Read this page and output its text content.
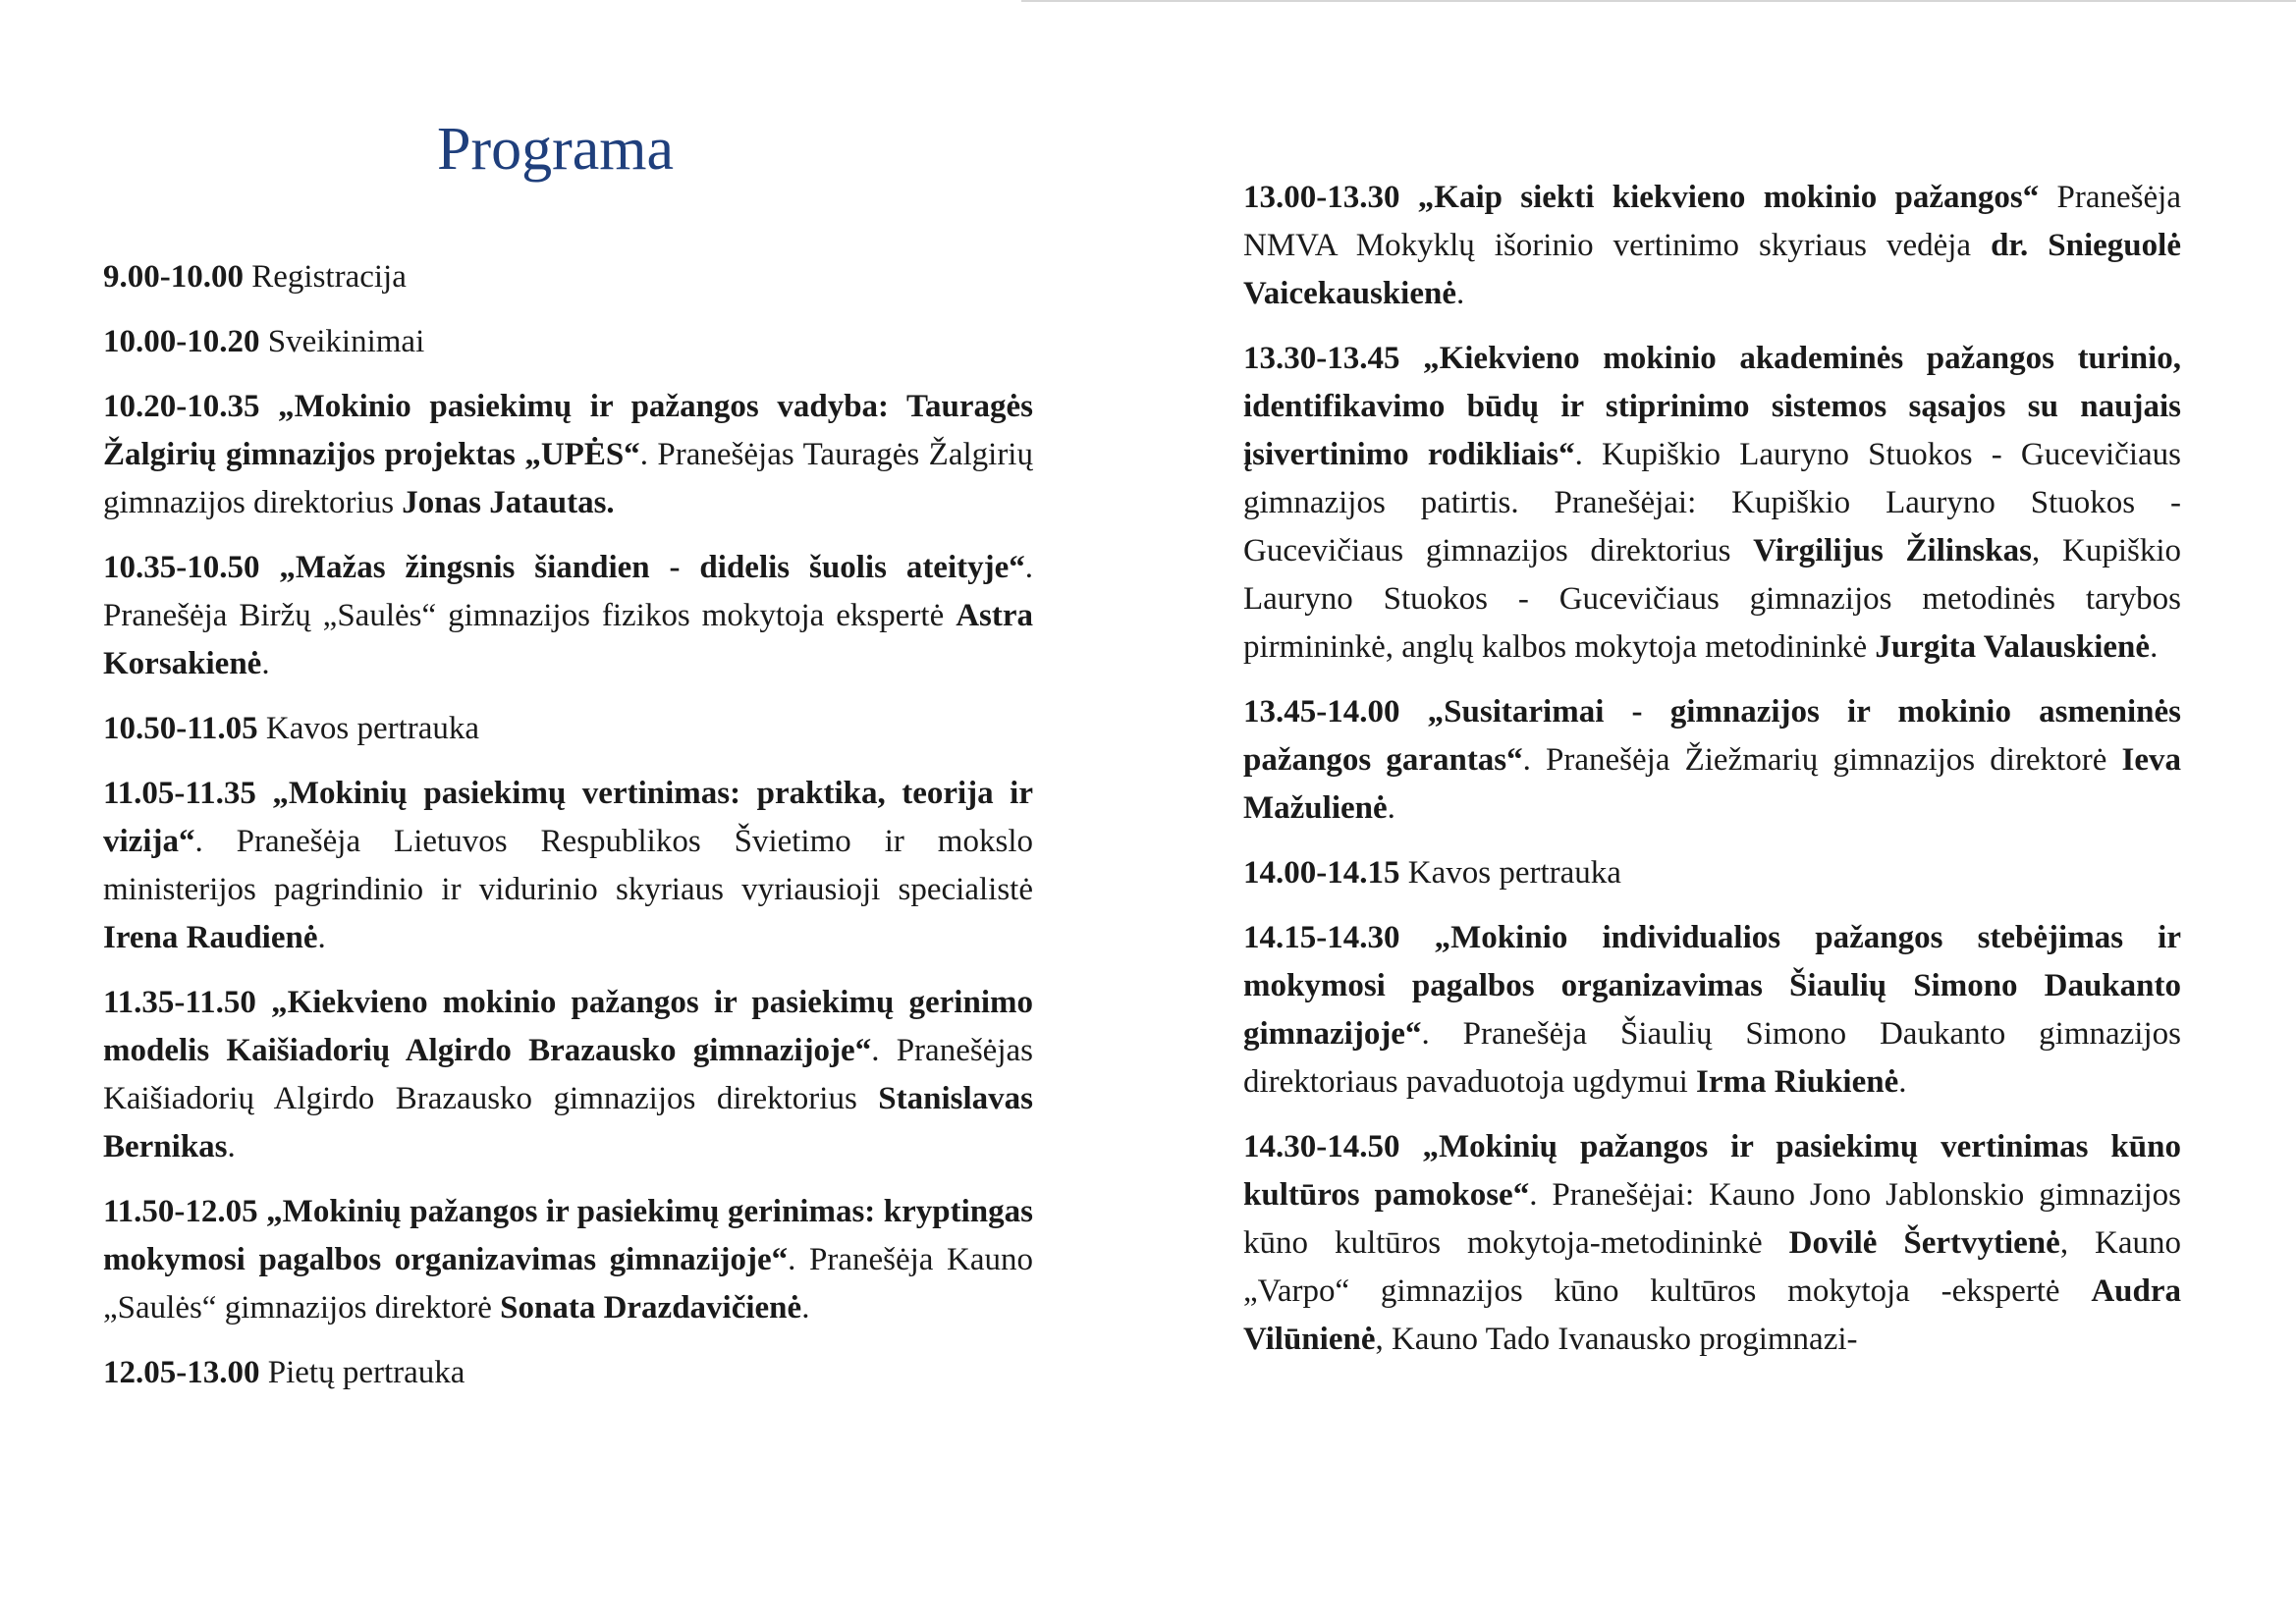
Programa

9.00-10.00 Registracija

10.00-10.20 Sveikinimai

10.20-10.35 „Mokinio pasiekimų ir pažangos vadyba: Tauragės Žalgirių gimnazijos projektas „UPĖS“. Pranešėjas Tauragės Žalgirių gimnazijos direktorius Jonas Jatautas.

10.35-10.50 „Mažas žingsnis šiandien - didelis šuolis ateityje“. Pranešėja Biržų „Saulės“ gimnazijos fizikos mokytoja ekspertė Astra Korsakienė.

10.50-11.05 Kavos pertrauka

11.05-11.35 „Mokinių pasiekimų vertinimas: praktika, teorija ir vizija“. Pranešėja Lietuvos Respublikos Švietimo ir mokslo ministerijos pagrindinio ir vidurinio skyriaus vyriausioji specialistė Irena Raudienė.

11.35-11.50 „Kiekvieno mokinio pažangos ir pasiekimų gerinimo modelis Kaišiadorių Algirdo Brazausko gimnazijoje“. Pranešėjas Kaišiadorių Algirdo Brazausko gimnazijos direktorius Stanislavas Bernikas.

11.50-12.05 „Mokinių pažangos ir pasiekimų gerinimas: kryptingas mokymosi pagalbos organizavimas gimnazijoje“. Pranešėja Kauno „Saulės“ gimnazijos direktorė Sonata Drazdavičienė.

12.05-13.00 Pietų pertrauka

13.00-13.30 „Kaip siekti kiekvieno mokinio pažangos“ Pranešėja NMVA Mokyklų išorinio vertinimo skyriaus vedėja dr. Snieguolė Vaicekauskienė.

13.30-13.45 „Kiekvieno mokinio akademinės pažangos turinio, identifikavimo būdų ir stiprinimo sistemos sąsajos su naujais įsivertinimo rodikliais“. Kupiškio Lauryno Stuokos - Gucevičiaus gimnazijos patirtis. Pranešėjai: Kupiškio Lauryno Stuokos - Gucevičiaus gimnazijos direktorius Virgilijus Žilinskas, Kupiškio Lauryno Stuokos - Gucevičiaus gimnazijos metodinės tarybos pirmininkė, anglų kalbos mokytoja metodininkė Jurgita Valauskienė.

13.45-14.00 „Susitarimai - gimnazijos ir mokinio asmeninės pažangos garantas“. Pranešėja Žiežmarių gimnazijos direktorė Ieva Mažulienė.

14.00-14.15 Kavos pertrauka

14.15-14.30 „Mokinio individualios pažangos stebėjimas ir mokymosi pagalbos organizavimas Šiaulių Simono Daukanto gimnazijoje“. Pranešėja Šiaulių Simono Daukanto gimnazijos direktoriaus pavaduotoja ugdymui Irma Riukienė.

14.30-14.50 „Mokinių pažangos ir pasiekimų vertinimas kūno kultūros pamokose“. Pranešėjai: Kauno Jono Jablonskio gimnazijos kūno kultūros mokytoja-metodininkė Dovilė Šertvytienė, Kauno „Varpo“ gimnazijos kūno kultūros mokytoja -ekspertė Audra Vilūnienė, Kauno Tado Ivanausko progimnazi-
